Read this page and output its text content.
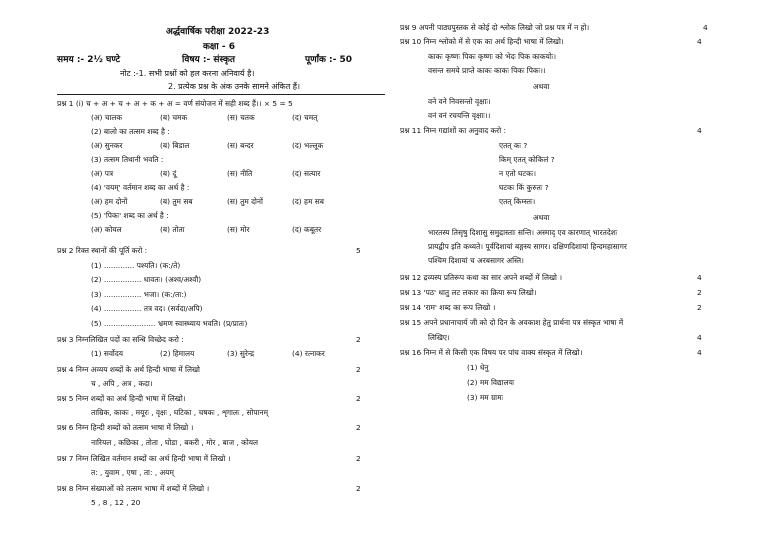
अर्द्धवार्षिक परीक्षा 2022-23
कक्षा - 6
समय :- 2½ घण्टे	विषय :- संस्कृत	पूर्णांक :- 50
नोट :-1. सभी प्रश्नों को हल करना अनिवार्य है।
2. प्रत्येक प्रश्न के अंक उनके सामने अंकित हैं।
प्रश्न 1 (i) च + अ + च + अ + क + अ = वर्ण संयोजन में सही शब्द हैं।। × 5 = 5
(अ) चालक	(ब) चमक	(स) चतक	(द) चमत्
(2) बालो का तत्सम शब्द है :
(अ) सुनकर	(ब) बिडाल	(स) बन्दर	(द) भल्लूक
(3) तत्सम तिथानी भवति :
(अ) पत्र	(ब) दूं	(स) नीति	(द) सत्यार
(4) 'वयम्' वर्तमान शब्द का अर्थ है :
(अ) हम दोनों	(ब) तुम सब	(स) तुम दोनों	(द) हम सब
(5) 'पिकः' शब्द का अर्थ है :
(अ) कोयल	(ब) तोता	(स) मोर	(द) कबूतर
प्रश्न 2 रिक्त स्थानों की पूर्ति करो :	5
(1) ............. पश्यति। (क:/ते)
(2) ................ धावतः। (अश्व/अश्वौ)
(3) ................ भजा। (क:/ता:)
(4) ................ तत्र वद। (सर्वदा/अपि)
(5) ...................... भ्रमण स्वास्थ्याय भवति। (प्र/प्रातः)
प्रश्न 3 निम्नलिखित पदों का सन्धि विच्छेद करो :	2
(1) सर्वोदय	(2) हिमालय	(3) सुरेन्द्र	(4) रत्नाकर
प्रश्न 4 निम्न अव्यय शब्दों के अर्थ हिन्दी भाषा में लिखो	2
च , अपि , अत्र , कदा।
प्रश्न 5 निम्न शब्दों का अर्थ हिन्दी भाषा में लिखो।	2
ताम्रिक, काकः , मयूरः , वृक्षः , घटिका , चषकः , शृगालः , सोपानम्
प्रश्न 6 निम्न हिन्दी शब्दों को तत्सम भाषा में लिखो ।	2
नारियल , कछिका , तोता , घोडा , बकरी , मोर , बाज , कोयल
प्रश्न 7 निम्न लिखित वर्तमान शब्दों का अर्थ हिन्दी भाषा में लिखो ।	2
त: , युवाम , एषा , ता: , अयम्
प्रश्न 8 निम्न संख्याओं को तत्सम भाषा में शब्दों में लिखो ।	2
5 , 8 , 12 , 20
प्रश्न 9 अपनी पाठ्यपुस्तक से कोई दो श्लोक लिखो जो प्रश्न पत्र में न हो।	4
प्रश्न 10 निम्न श्लोको में से एक का अर्थ हिन्दी भाषा में लिखो।	4
काकः कृष्णः पिकः कृष्णः को भेदः पिक काकयोः।
वसन्त समये प्राप्ते काकः काकः पिकः पिकः।।
अथवा
वने वने निवसन्तो वृक्षाः।
वनं वनं रचयन्ति वृक्षाः।।
प्रश्न 11 निम्न गद्यांशों का अनुवाद करो :	4
एतत् कः ?
किम् एतत् कोकिलं ?
न एतो घटकः।
घटकः किं कुरुतः ?
एतत् किम्स्तः।
अथवा
भारतस्य तिसृषु दिशासु समुद्रास्ताः सन्ति। अस्माद् एव कारणात् भारतदेशः
प्रायद्वीप इति कथ्यते। पूर्वदिशायां बङ्गस्य सागर। दक्षिणदिशायां हिन्दमहासागर
पश्चिम दिशायां च अरबसागर अस्ति।
प्रश्न 12 द्रव्यस्य प्रतिरूप कथा का सार अपने शब्दों में लिखो ।	4
प्रश्न 13 'पठ' धातु लट लकार का क्रिया रूप लिखो।	2
प्रश्न 14 'राम' शब्द का रूप लिखो ।	2
प्रश्न 15 अपने प्रधानाचार्य जी को दो दिन के अवकाश हेतु प्रार्थना पत्र संस्कृत भाषा में
लिखिए।	4
प्रश्न 16 निम्न में से किसी एक विषय पर पांच वाक्य संस्कृत में लिखो।	4
(1) धेनु
(2) मम विद्यालयः
(3) मम ग्रामः
